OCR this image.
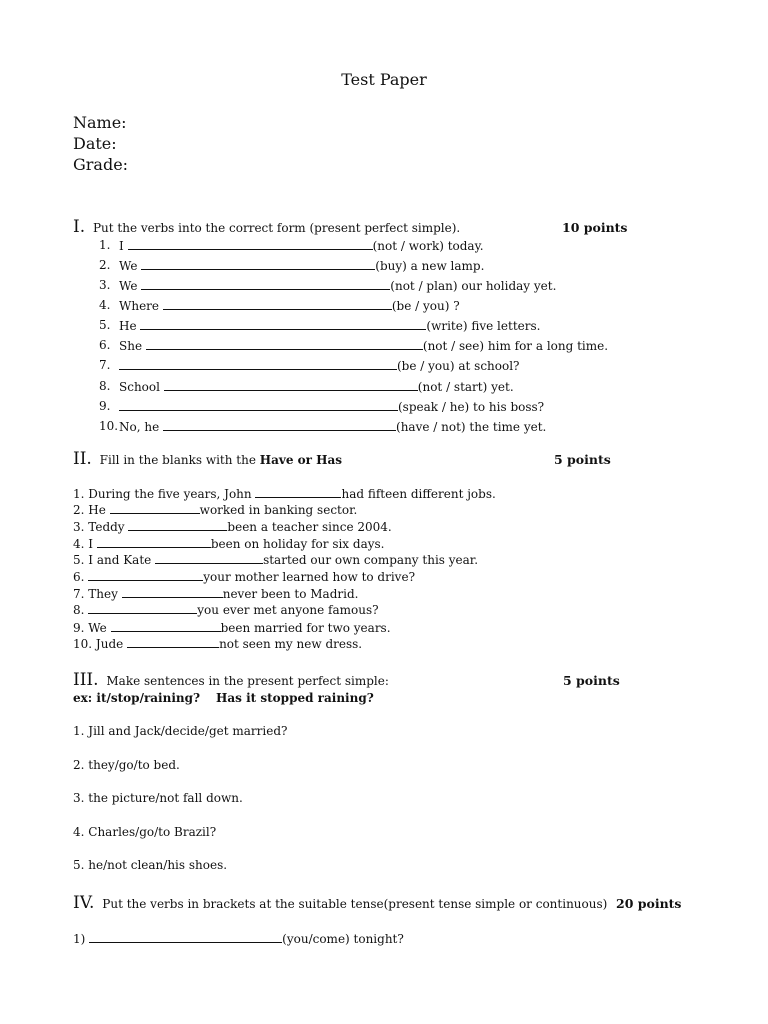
Test Paper
Name:
Date:
Grade:
I. Put the verbs into the correct form (present perfect simple).	10 points
1. I	(not / work) today.
2. We	(buy) a new lamp.
3. We	(not / plan) our holiday yet.
4. Where	(be / you) ?
5. He	(write) five letters.
6. She	(not / see) him for a long time.
7.	(be / you) at school?
8. School	(not / start) yet.
9.	(speak / he) to his boss?
10. No, he	(have / not) the time yet.
II. Fill in the blanks with the Have or Has	5 points
1. During the five years, John	had fifteen different jobs.
2. He	worked in banking sector.
3. Teddy	been a teacher since 2004.
4. I	been on holiday for six days.
5. I and Kate	started our own company this year.
6.	your mother learned how to drive?
7. They	never been to Madrid.
8.	you ever met anyone famous?
9. We	been married for two years.
10. Jude	not seen my new dress.
III. Make sentences in the present perfect simple:	5 points
ex: it/stop/raining? Has it stopped raining?
1. Jill and Jack/decide/get married?
2. they/go/to bed.
3. the picture/not fall down.
4. Charles/go/to Brazil?
5. he/not clean/his shoes.
IV. Put the verbs in brackets at the suitable tense(present tense simple or continuous) 20 points
1)	(you/come) tonight?
